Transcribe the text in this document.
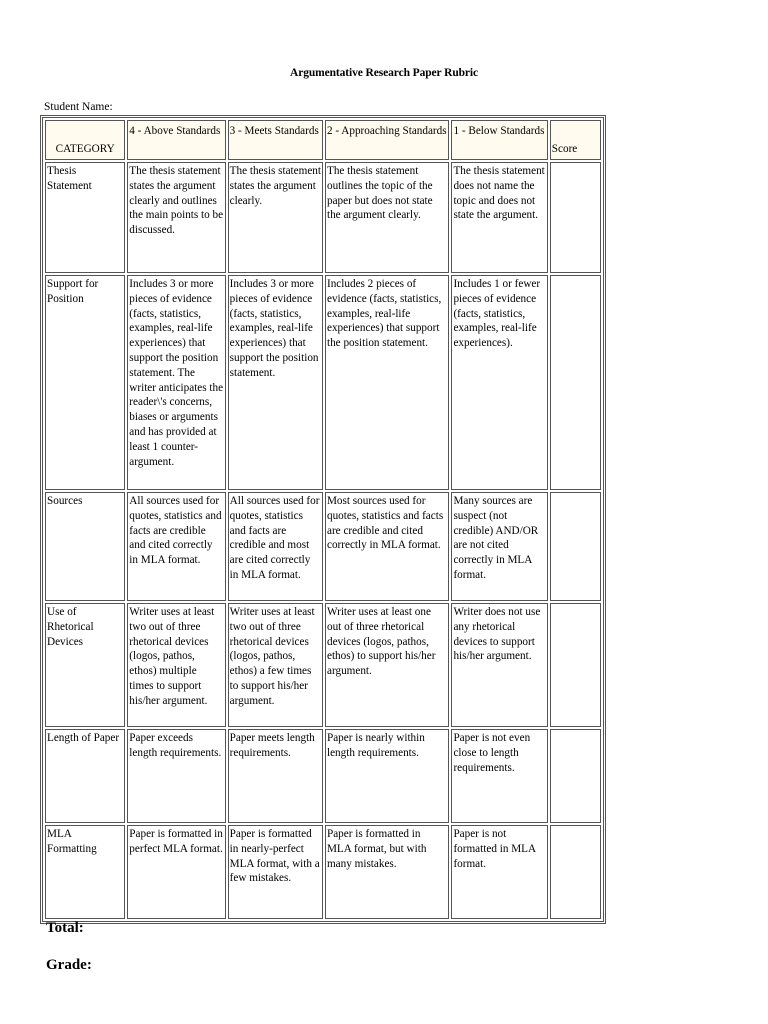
Argumentative Research Paper Rubric
Student Name:
CATEGORY	4 - Above Standards	3 - Meets Standards	2 - Approaching Standards	1 - Below Standards	Score
Thesis Statement	The thesis statement states the argument clearly and outlines the main points to be discussed.	The thesis statement states the argument clearly.	The thesis statement outlines the topic of the paper but does not state the argument clearly.	The thesis statement does not name the topic and does not state the argument.	
Support for Position	Includes 3 or more pieces of evidence (facts, statistics, examples, real-life experiences) that support the position statement. The writer anticipates the reader\'s concerns, biases or arguments and has provided at least 1 counter-argument.	Includes 3 or more pieces of evidence (facts, statistics, examples, real-life experiences) that support the position statement.	Includes 2 pieces of evidence (facts, statistics, examples, real-life experiences) that support the position statement.	Includes 1 or fewer pieces of evidence (facts, statistics, examples, real-life experiences).	
Sources	All sources used for quotes, statistics and facts are credible and cited correctly in MLA format.	All sources used for quotes, statistics and facts are credible and most are cited correctly in MLA format.	Most sources used for quotes, statistics and facts are credible and cited correctly in MLA format.	Many sources are suspect (not credible) AND/OR are not cited correctly in MLA format.	
Use of Rhetorical Devices	Writer uses at least two out of three rhetorical devices (logos, pathos, ethos) multiple times to support his/her argument.	Writer uses at least two out of three rhetorical devices (logos, pathos, ethos) a few times to support his/her argument.	Writer uses at least one out of three rhetorical devices (logos, pathos, ethos) to support his/her argument.	Writer does not use any rhetorical devices to support his/her argument.	
Length of Paper	Paper exceeds length requirements.	Paper meets length requirements.	Paper is nearly within length requirements.	Paper is not even close to length requirements.	
MLA Formatting	Paper is formatted in perfect MLA format.	Paper is formatted in nearly-perfect MLA format, with a few mistakes.	Paper is formatted in MLA format, but with many mistakes.	Paper is not formatted in MLA format.	
Total:
Grade:
